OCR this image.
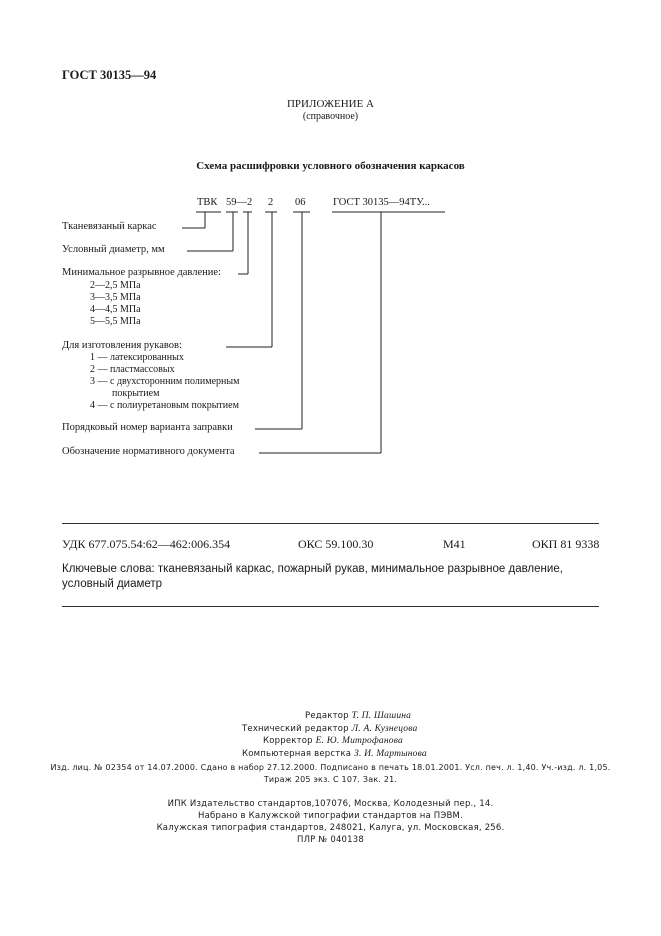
ГОСТ 30135—94
ПРИЛОЖЕНИЕ А
(справочное)
Схема расшифровки условного обозначения каркасов
ТВК 59—2 2 06	ГОСТ 30135—94ТУ...
Тканевязаный каркас
Условный диаметр, мм
Минимальное разрывное давление:
2—2,5 МПа
3—3,5 МПа
4—4,5 МПа
5—5,5 МПа
Для изготовления рукавов:
1 — латексированных
2 — пластмассовых
3 — с двухсторонним полимерным
покрытием
4 — с полиуретановым покрытием
Порядковый номер варианта заправки
Обозначение нормативного документа
УДК 677.075.54:62—462:006.354	ОКС 59.100.30	М41	ОКП 81 9338
Ключевые слова: тканевязаный каркас, пожарный рукав, минимальное разрывное давление, условный диаметр
Редактор Т. П. Шашина
Технический редактор Л. А. Кузнецова
Корректор Е. Ю. Митрофанова
Компьютерная верстка З. И. Мартынова
Изд. лиц. № 02354 от 14.07.2000. Сдано в набор 27.12.2000. Подписано в печать 18.01.2001. Усл. печ. л. 1,40. Уч.-изд. л. 1,05.
Тираж 205 экз. С 107. Зак. 21.
ИПК Издательство стандартов,107076, Москва, Колодезный пер., 14.
Набрано в Калужской типографии стандартов на ПЭВМ.
Калужская типография стандартов, 248021, Калуга, ул. Московская, 256.
ПЛР № 040138
